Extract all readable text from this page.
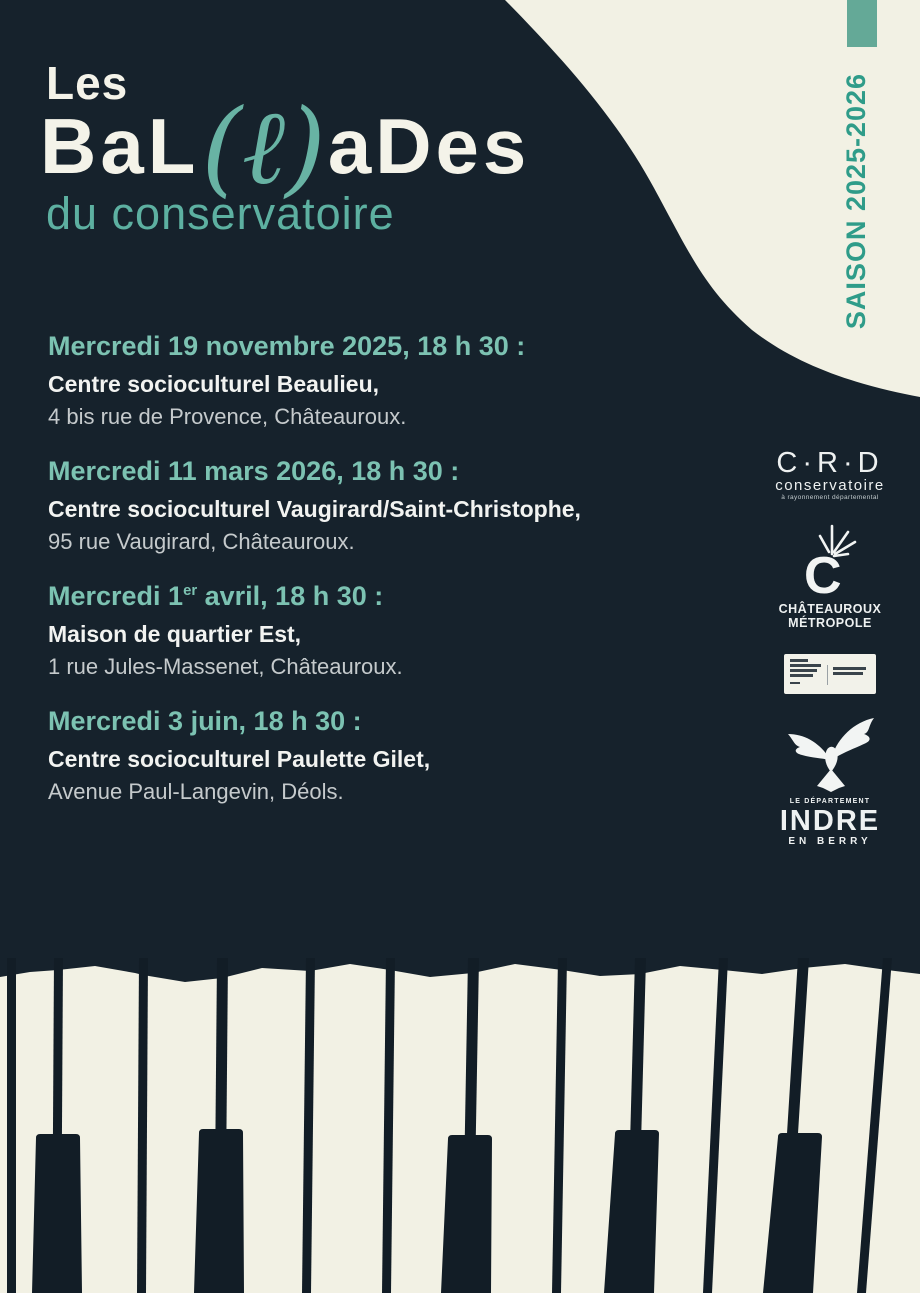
SAISON 2025-2026
Les
BaL(ℓ)aDes
du conservatoire
Mercredi 19 novembre 2025, 18 h 30 :
Centre socioculturel Beaulieu,
4 bis rue de Provence, Châteauroux.
Mercredi 11 mars 2026, 18 h 30 :
Centre socioculturel Vaugirard/Saint-Christophe,
95 rue Vaugirard, Châteauroux.
Mercredi 1er avril, 18 h 30 :
Maison de quartier Est,
1 rue Jules-Massenet, Châteauroux.
Mercredi 3 juin, 18 h 30 :
Centre socioculturel Paulette Gilet,
Avenue Paul-Langevin, Déols.
C·R·D
conservatoire
à rayonnement départemental
C
CHÂTEAUROUX
MÉTROPOLE
LE DÉPARTEMENT
INDRE
EN BERRY
